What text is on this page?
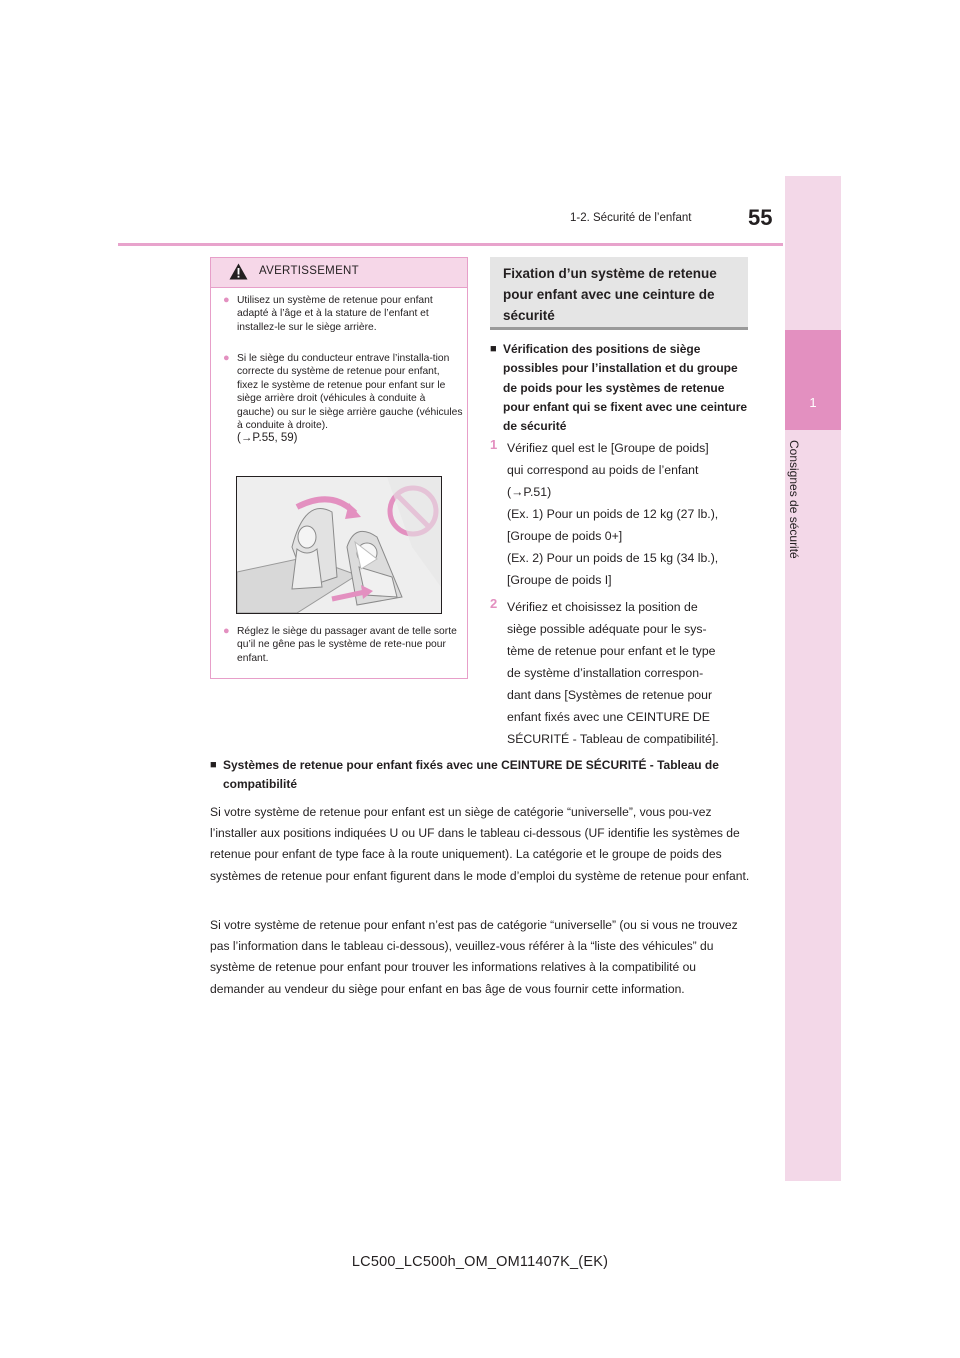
1-2. Sécurité de l’enfant	55
1
Consignes de sécurité
AVERTISSEMENT
● Utilisez un système de retenue pour enfant adapté à l’âge et à la stature de l’enfant et installez-le sur le siège arrière.
● Si le siège du conducteur entrave l’installa-tion correcte du système de retenue pour enfant, fixez le système de retenue pour enfant sur le siège arrière droit (véhicules à conduite à gauche) ou sur le siège arrière gauche (véhicules à conduite à droite).
(→P.55, 59)
● Réglez le siège du passager avant de telle sorte qu’il ne gêne pas le système de rete-nue pour enfant.
Fixation d’un système de retenue pour enfant avec une ceinture de sécurité
■ Vérification des positions de siège possibles pour l’installation et du groupe de poids pour les systèmes de retenue pour enfant qui se fixent avec une ceinture de sécurité
1 Vérifiez quel est le [Groupe de poids]
qui correspond au poids de l’enfant
(→P.51)
(Ex. 1) Pour un poids de 12 kg (27 lb.),
[Groupe de poids 0+]
(Ex. 2) Pour un poids de 15 kg (34 lb.),
[Groupe de poids I]
2 Vérifiez et choisissez la position de
siège possible adéquate pour le sys-
tème de retenue pour enfant et le type
de système d’installation correspon-
dant dans [Systèmes de retenue pour
enfant fixés avec une CEINTURE DE
SÉCURITÉ - Tableau de compatibilité].
■ Systèmes de retenue pour enfant fixés avec une CEINTURE DE SÉCURITÉ - Tableau de compatibilité
Si votre système de retenue pour enfant est un siège de catégorie “universelle”, vous pou-vez l’installer aux positions indiquées U ou UF dans le tableau ci-dessous (UF identifie les systèmes de retenue pour enfant de type face à la route uniquement). La catégorie et le groupe de poids des systèmes de retenue pour enfant figurent dans le mode d’emploi du système de retenue pour enfant.
Si votre système de retenue pour enfant n’est pas de catégorie “universelle” (ou si vous ne trouvez pas l’information dans le tableau ci-dessous), veuillez-vous référer à la “liste des véhicules” du système de retenue pour enfant pour trouver les informations relatives à la compatibilité ou demander au vendeur du siège pour enfant en bas âge de vous fournir cette information.
LC500_LC500h_OM_OM11407K_(EK)
